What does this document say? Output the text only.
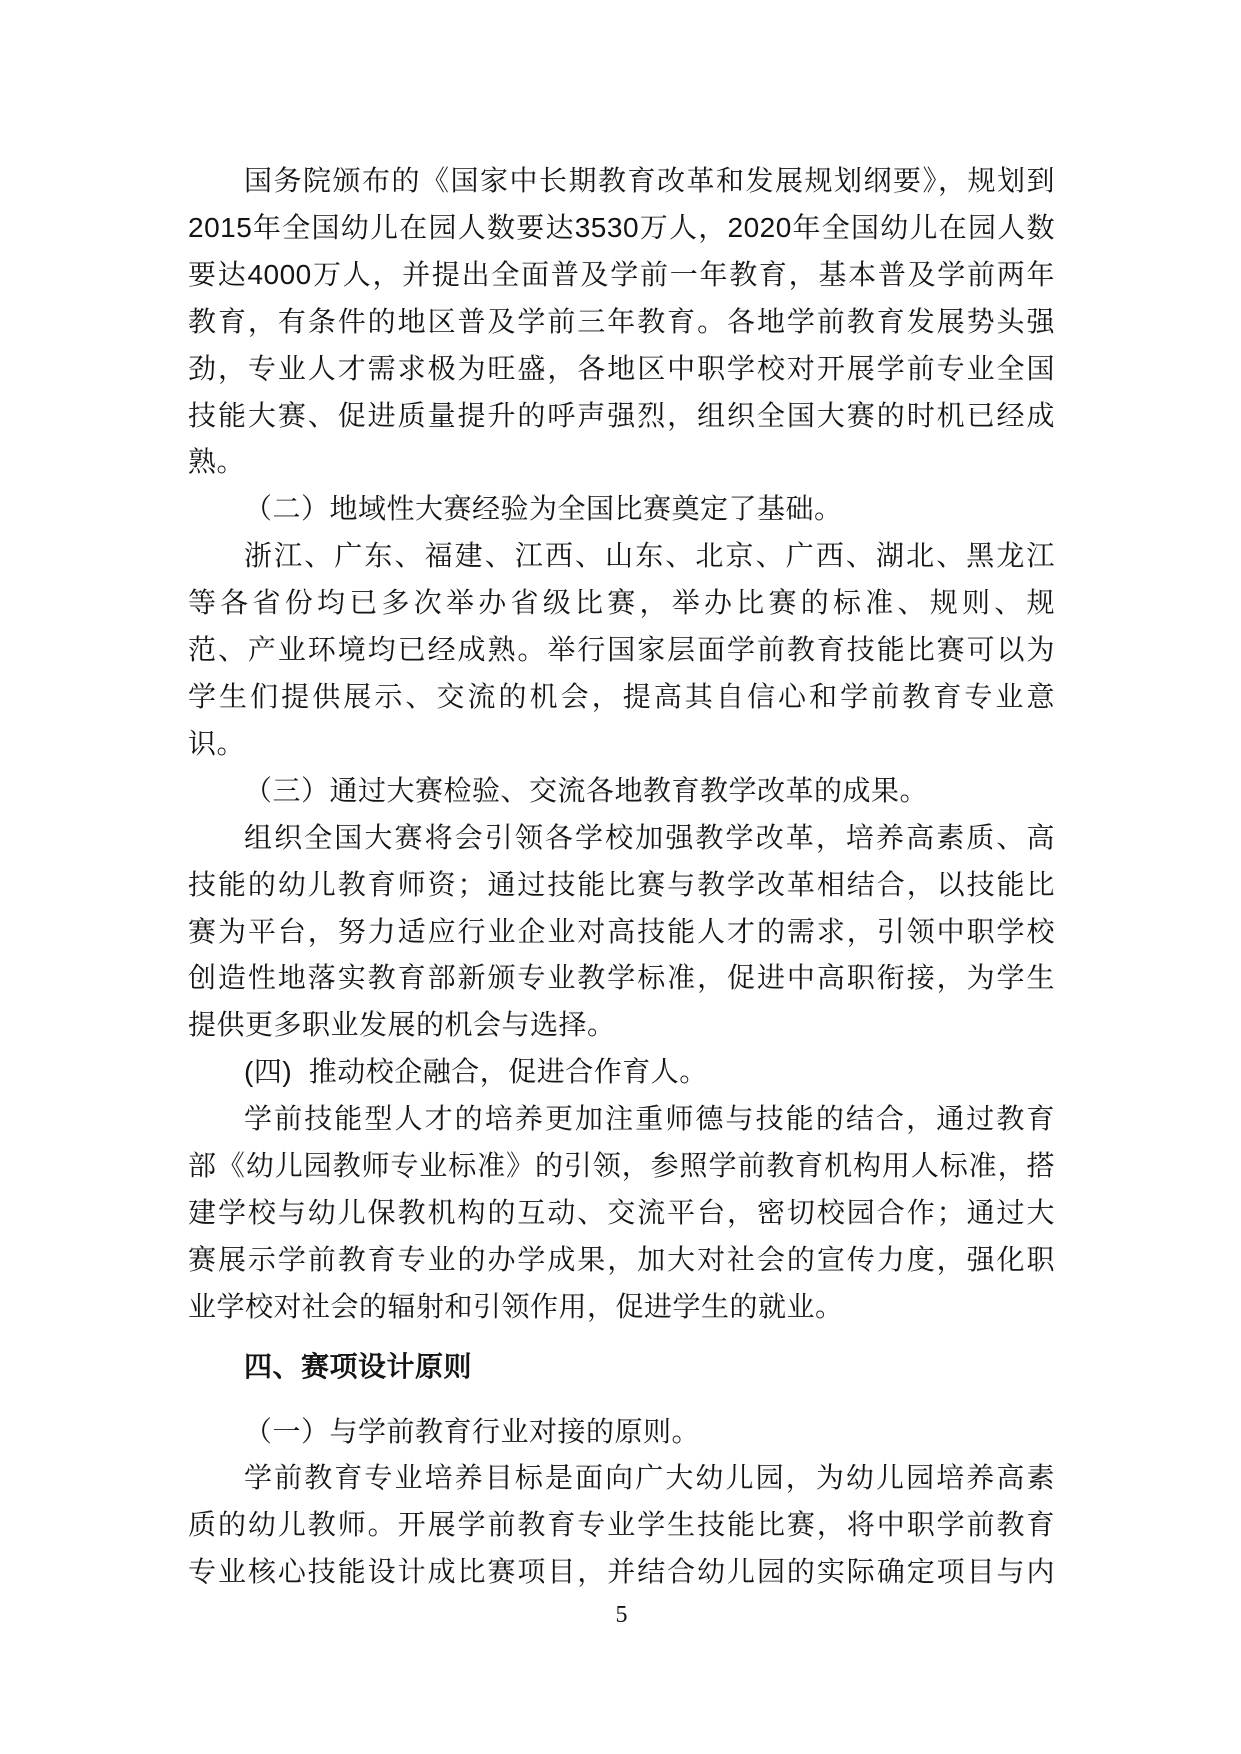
国务院颁布的《国家中长期教育改革和发展规划纲要》，规划到
2015年全国幼儿在园人数要达3530万人，2020年全国幼儿在园人数
要达4000万人，并提出全面普及学前一年教育，基本普及学前两年
教育，有条件的地区普及学前三年教育。各地学前教育发展势头强
劲，专业人才需求极为旺盛，各地区中职学校对开展学前专业全国
技能大赛、促进质量提升的呼声强烈，组织全国大赛的时机已经成
熟。
（二）地域性大赛经验为全国比赛奠定了基础。
浙江、广东、福建、江西、山东、北京、广西、湖北、黑龙江
等各省份均已多次举办省级比赛，举办比赛的标准、规则、规
范、产业环境均已经成熟。举行国家层面学前教育技能比赛可以为
学生们提供展示、交流的机会，提高其自信心和学前教育专业意
识。
（三）通过大赛检验、交流各地教育教学改革的成果。
组织全国大赛将会引领各学校加强教学改革，培养高素质、高
技能的幼儿教育师资；通过技能比赛与教学改革相结合，以技能比
赛为平台，努力适应行业企业对高技能人才的需求，引领中职学校
创造性地落实教育部新颁专业教学标准，促进中高职衔接，为学生
提供更多职业发展的机会与选择。
(四)  推动校企融合，促进合作育人。
学前技能型人才的培养更加注重师德与技能的结合，通过教育
部《幼儿园教师专业标准》的引领，参照学前教育机构用人标准，搭
建学校与幼儿保教机构的互动、交流平台，密切校园合作；通过大
赛展示学前教育专业的办学成果，加大对社会的宣传力度，强化职
业学校对社会的辐射和引领作用，促进学生的就业。
四、赛项设计原则
（一）与学前教育行业对接的原则。
学前教育专业培养目标是面向广大幼儿园，为幼儿园培养高素
质的幼儿教师。开展学前教育专业学生技能比赛，将中职学前教育
专业核心技能设计成比赛项目，并结合幼儿园的实际确定项目与内
5
